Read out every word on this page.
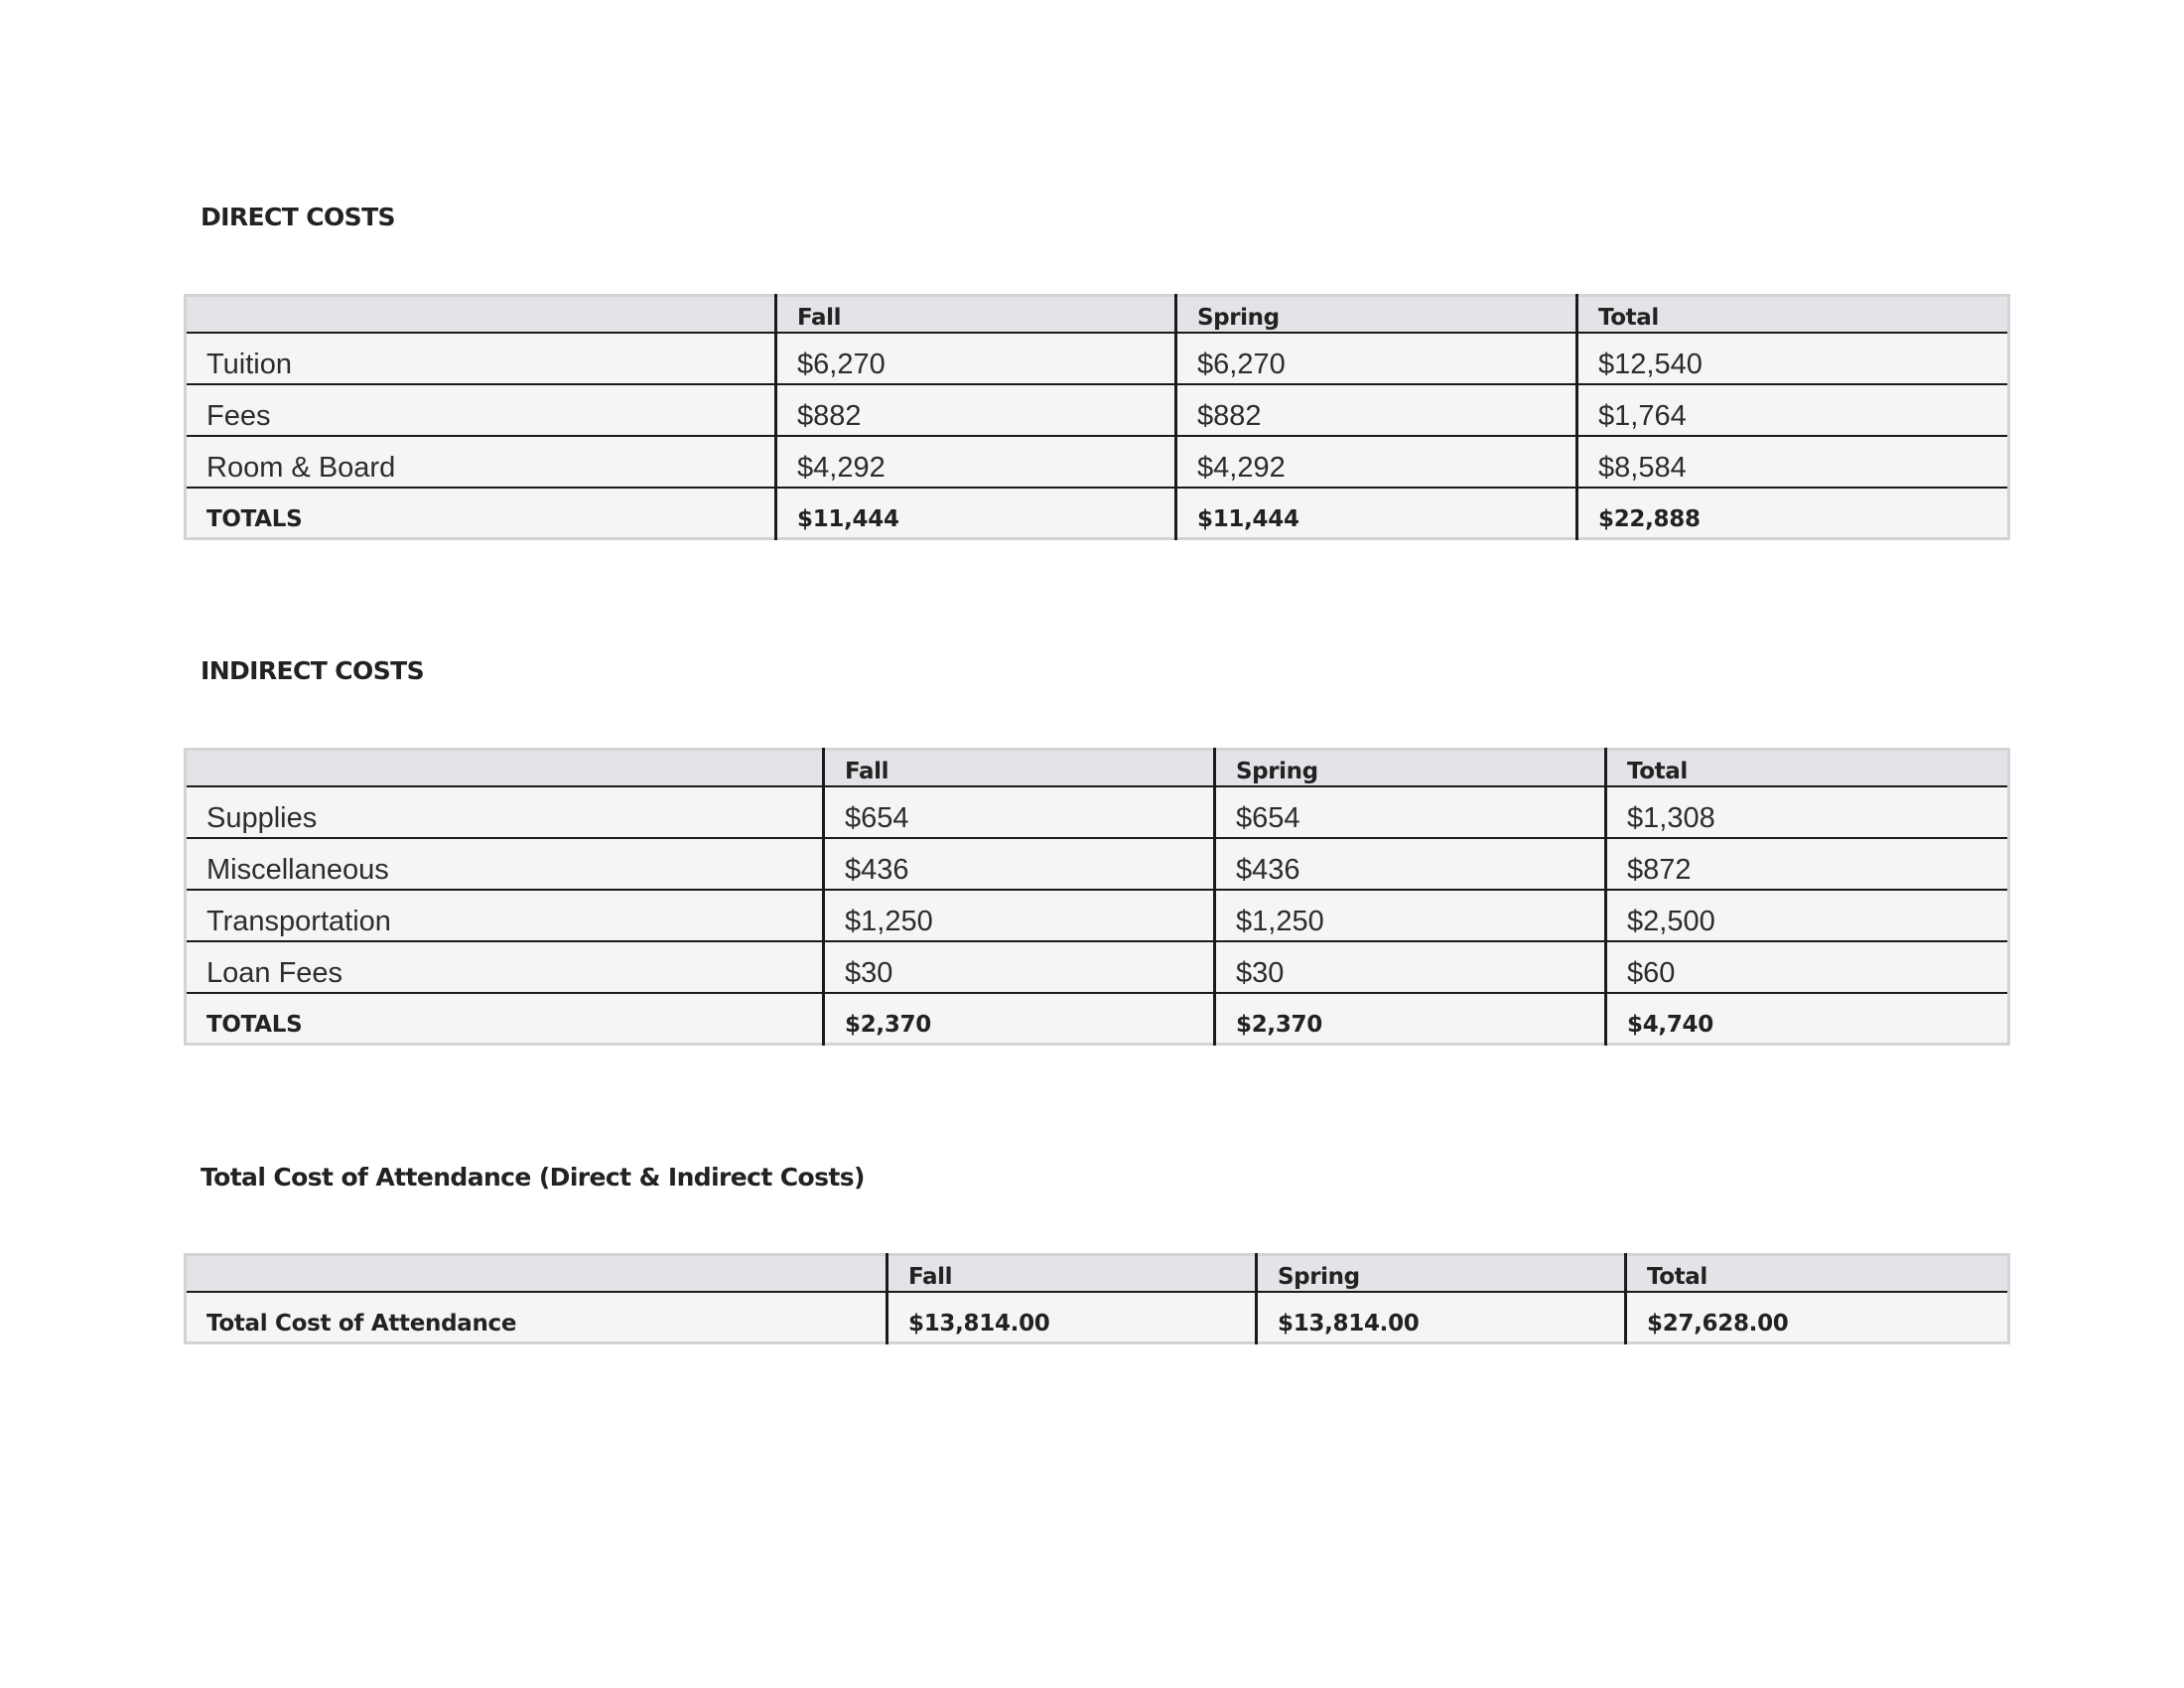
DIRECT COSTS
	Fall	Spring	Total
Tuition	$6,270	$6,270	$12,540
Fees	$882	$882	$1,764
Room & Board	$4,292	$4,292	$8,584
TOTALS	$11,444	$11,444	$22,888
INDIRECT COSTS
	Fall	Spring	Total
Supplies	$654	$654	$1,308
Miscellaneous	$436	$436	$872
Transportation	$1,250	$1,250	$2,500
Loan Fees	$30	$30	$60
TOTALS	$2,370	$2,370	$4,740
Total Cost of Attendance (Direct & Indirect Costs)
	Fall	Spring	Total
Total Cost of Attendance	$13,814.00	$13,814.00	$27,628.00
